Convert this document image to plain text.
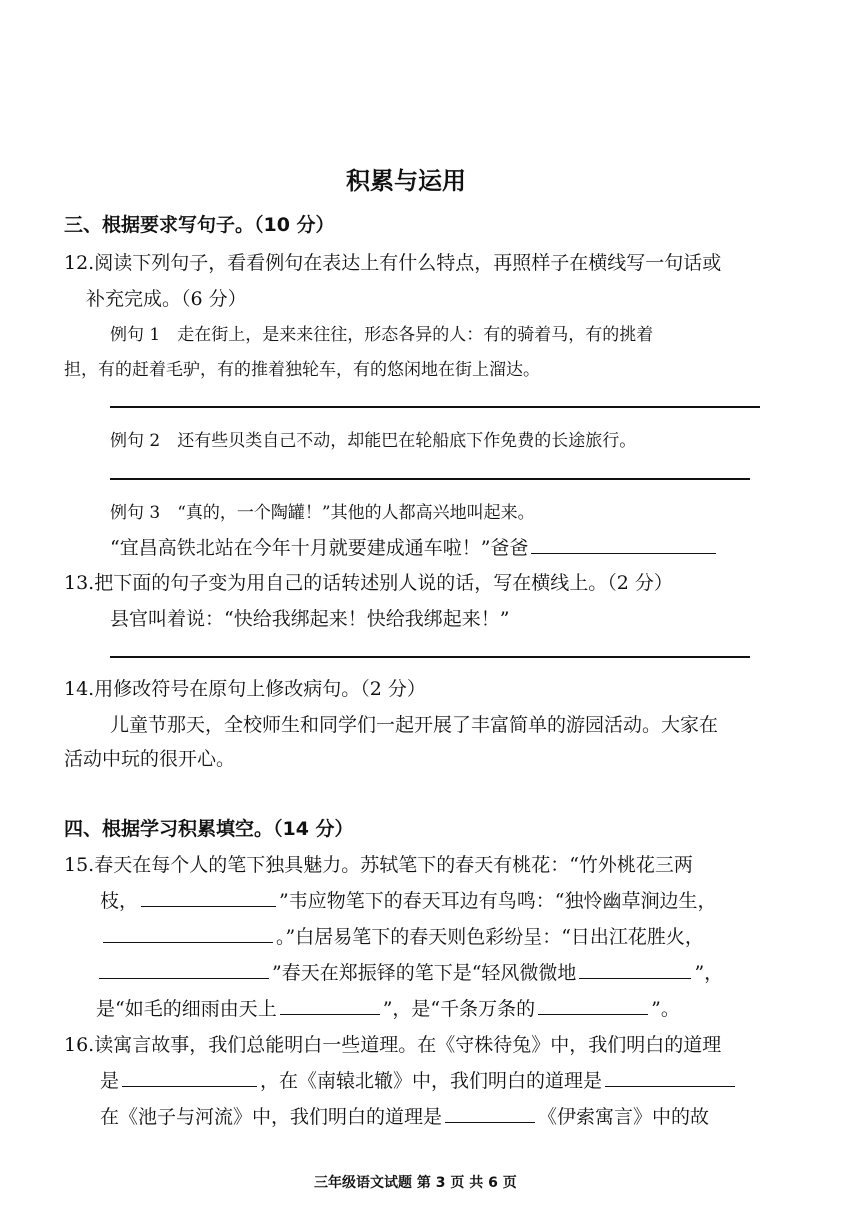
积累与运用
三、根据要求写句子。（10 分）
12.阅读下列句子，看看例句在表达上有什么特点，再照样子在横线写一句话或
补充完成。（6 分）
例句 1　走在街上，是来来往往，形态各异的人：有的骑着马，有的挑着
担，有的赶着毛驴，有的推着独轮车，有的悠闲地在街上溜达。
例句 2　还有些贝类自己不动，却能巴在轮船底下作免费的长途旅行。
例句 3　“真的，一个陶罐！”其他的人都高兴地叫起来。
“宜昌高铁北站在今年十月就要建成通车啦！”爸爸
13.把下面的句子变为用自己的话转述别人说的话，写在横线上。（2 分）
县官叫着说：“快给我绑起来！快给我绑起来！”
14.用修改符号在原句上修改病句。（2 分）
儿童节那天，全校师生和同学们一起开展了丰富简单的游园活动。大家在
活动中玩的很开心。
四、根据学习积累填空。（14 分）
15.春天在每个人的笔下独具魅力。苏轼笔下的春天有桃花：“竹外桃花三两
枝，	”韦应物笔下的春天耳边有鸟鸣：“独怜幽草涧边生，
。”白居易笔下的春天则色彩纷呈：“日出江花胜火，
”春天在郑振铎的笔下是“轻风微微地	”，
是“如毛的细雨由天上	”，是“千条万条的	”。
16.读寓言故事，我们总能明白一些道理。在《守株待兔》中，我们明白的道理
是	，在《南辕北辙》中，我们明白的道理是
在《池子与河流》中，我们明白的道理是	《伊索寓言》中的故
三年级语文试题 第 3 页 共 6 页
